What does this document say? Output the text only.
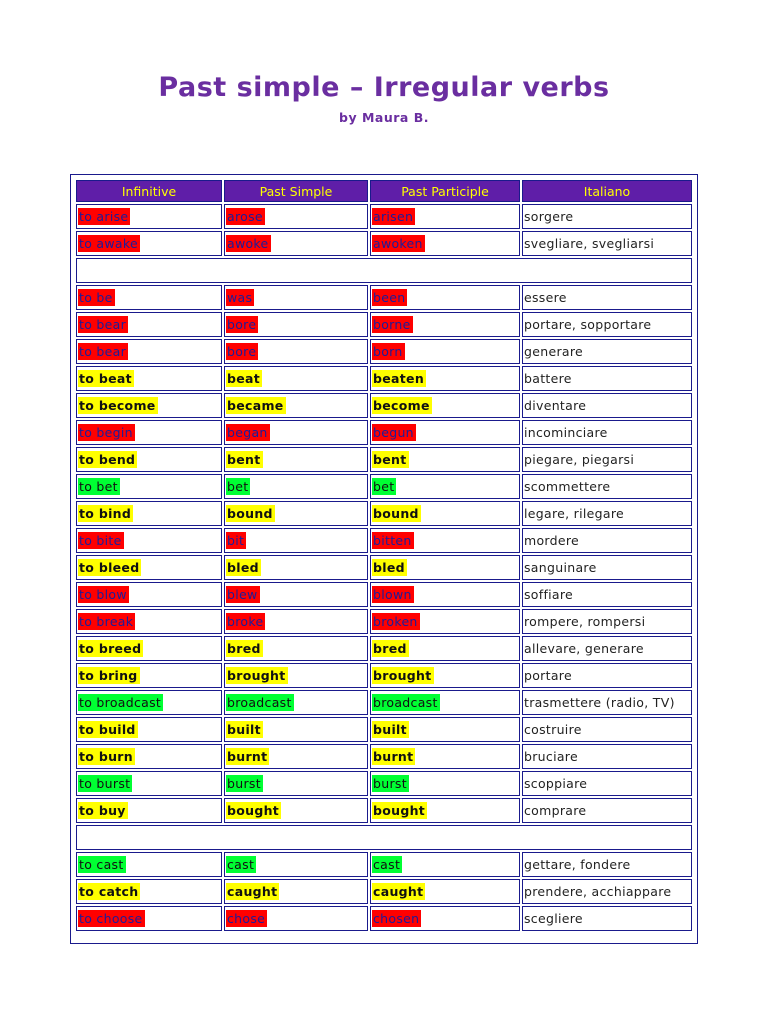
Past simple – Irregular verbs
by Maura B.
Infinitive	Past Simple	Past Participle	Italiano
to arise	arose	arisen	sorgere
to awake	awoke	awoken	svegliare, svegliarsi

to be	was	been	essere
to bear	bore	borne	portare, sopportare
to bear	bore	born	generare
to beat	beat	beaten	battere
to become	became	become	diventare
to begin	began	begun	incominciare
to bend	bent	bent	piegare, piegarsi
to bet	bet	bet	scommettere
to bind	bound	bound	legare, rilegare
to bite	bit	bitten	mordere
to bleed	bled	bled	sanguinare
to blow	blew	blown	soffiare
to break	broke	broken	rompere, rompersi
to breed	bred	bred	allevare, generare
to bring	brought	brought	portare
to broadcast	broadcast	broadcast	trasmettere (radio, TV)
to build	built	built	costruire
to burn	burnt	burnt	bruciare
to burst	burst	burst	scoppiare
to buy	bought	bought	comprare

to cast	cast	cast	gettare, fondere
to catch	caught	caught	prendere, acchiappare
to choose	chose	chosen	scegliere
